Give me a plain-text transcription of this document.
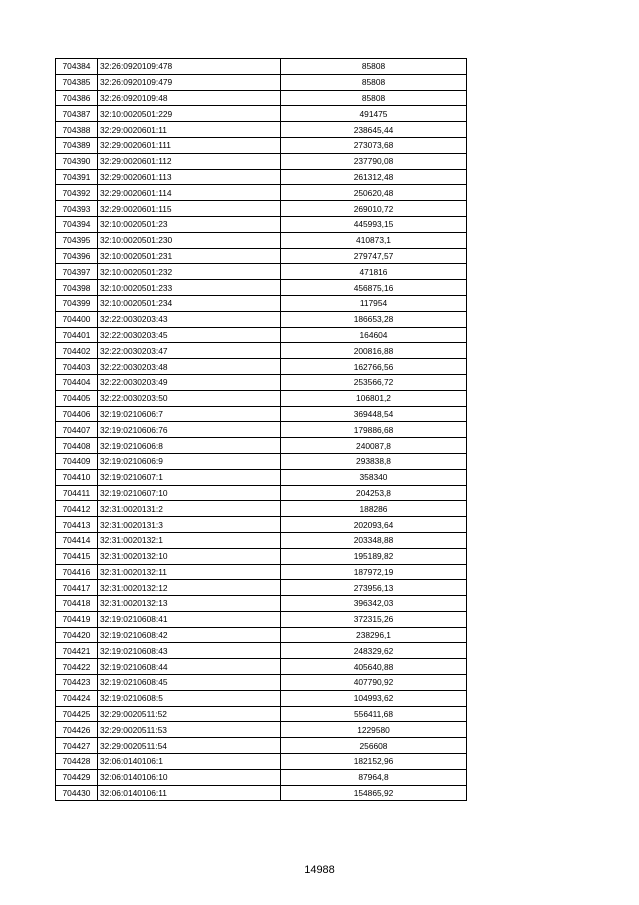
704384	32:26:0920109:478	85808
704385	32:26:0920109:479	85808
704386	32:26:0920109:48	85808
704387	32:10:0020501:229	491475
704388	32:29:0020601:11	238645,44
704389	32:29:0020601:111	273073,68
704390	32:29:0020601:112	237790,08
704391	32:29:0020601:113	261312,48
704392	32:29:0020601:114	250620,48
704393	32:29:0020601:115	269010,72
704394	32:10:0020501:23	445993,15
704395	32:10:0020501:230	410873,1
704396	32:10:0020501:231	279747,57
704397	32:10:0020501:232	471816
704398	32:10:0020501:233	456875,16
704399	32:10:0020501:234	117954
704400	32:22:0030203:43	186653,28
704401	32:22:0030203:45	164604
704402	32:22:0030203:47	200816,88
704403	32:22:0030203:48	162766,56
704404	32:22:0030203:49	253566,72
704405	32:22:0030203:50	106801,2
704406	32:19:0210606:7	369448,54
704407	32:19:0210606:76	179886,68
704408	32:19:0210606:8	240087,8
704409	32:19:0210606:9	293838,8
704410	32:19:0210607:1	358340
704411	32:19:0210607:10	204253,8
704412	32:31:0020131:2	188286
704413	32:31:0020131:3	202093,64
704414	32:31:0020132:1	203348,88
704415	32:31:0020132:10	195189,82
704416	32:31:0020132:11	187972,19
704417	32:31:0020132:12	273956,13
704418	32:31:0020132:13	396342,03
704419	32:19:0210608:41	372315,26
704420	32:19:0210608:42	238296,1
704421	32:19:0210608:43	248329,62
704422	32:19:0210608:44	405640,88
704423	32:19:0210608:45	407790,92
704424	32:19:0210608:5	104993,62
704425	32:29:0020511:52	556411,68
704426	32:29:0020511:53	1229580
704427	32:29:0020511:54	256608
704428	32:06:0140106:1	182152,96
704429	32:06:0140106:10	87964,8
704430	32:06:0140106:11	154865,92
14988
